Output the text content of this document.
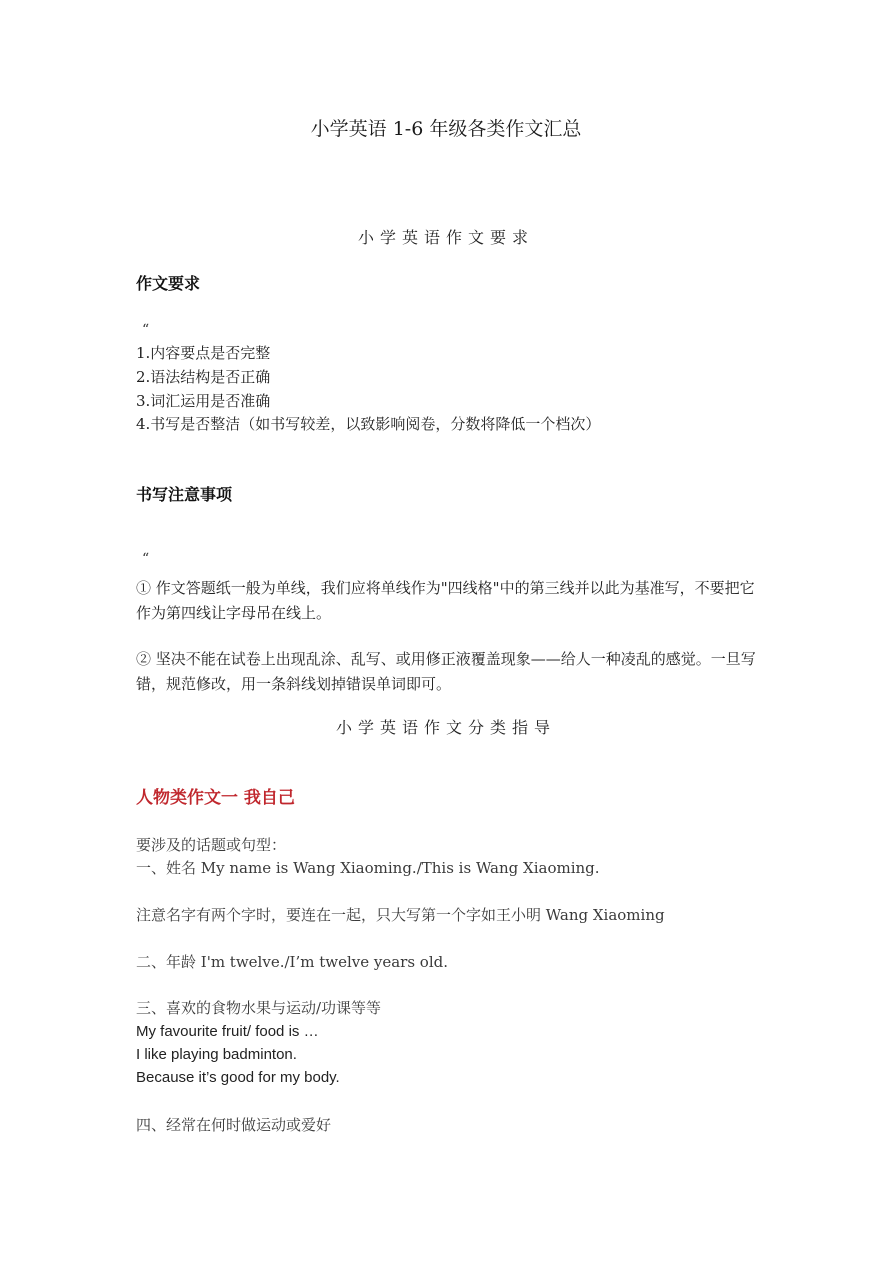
小学英语 1-6 年级各类作文汇总
小学英语作文要求
作文要求
“
1.内容要点是否完整
2.语法结构是否正确
3.词汇运用是否准确
4.书写是否整洁（如书写较差，以致影响阅卷，分数将降低一个档次）
书写注意事项
“
① 作文答题纸一般为单线，我们应将单线作为"四线格"中的第三线并以此为基准写，不要把它作为第四线让字母吊在线上。
② 坚决不能在试卷上出现乱涂、乱写、或用修正液覆盖现象——给人一种凌乱的感觉。一旦写错，规范修改，用一条斜线划掉错误单词即可。
小学英语作文分类指导
人物类作文一 我自己
要涉及的话题或句型：
一、姓名 My name is Wang Xiaoming./This is Wang Xiaoming.
注意名字有两个字时，要连在一起，只大写第一个字如王小明 Wang Xiaoming
二、年龄 I'm twelve./I’m twelve years old.
三、喜欢的食物水果与运动/功课等等
My favourite fruit/ food is …
I like playing badminton.
Because it’s good for my body.
四、经常在何时做运动或爱好
